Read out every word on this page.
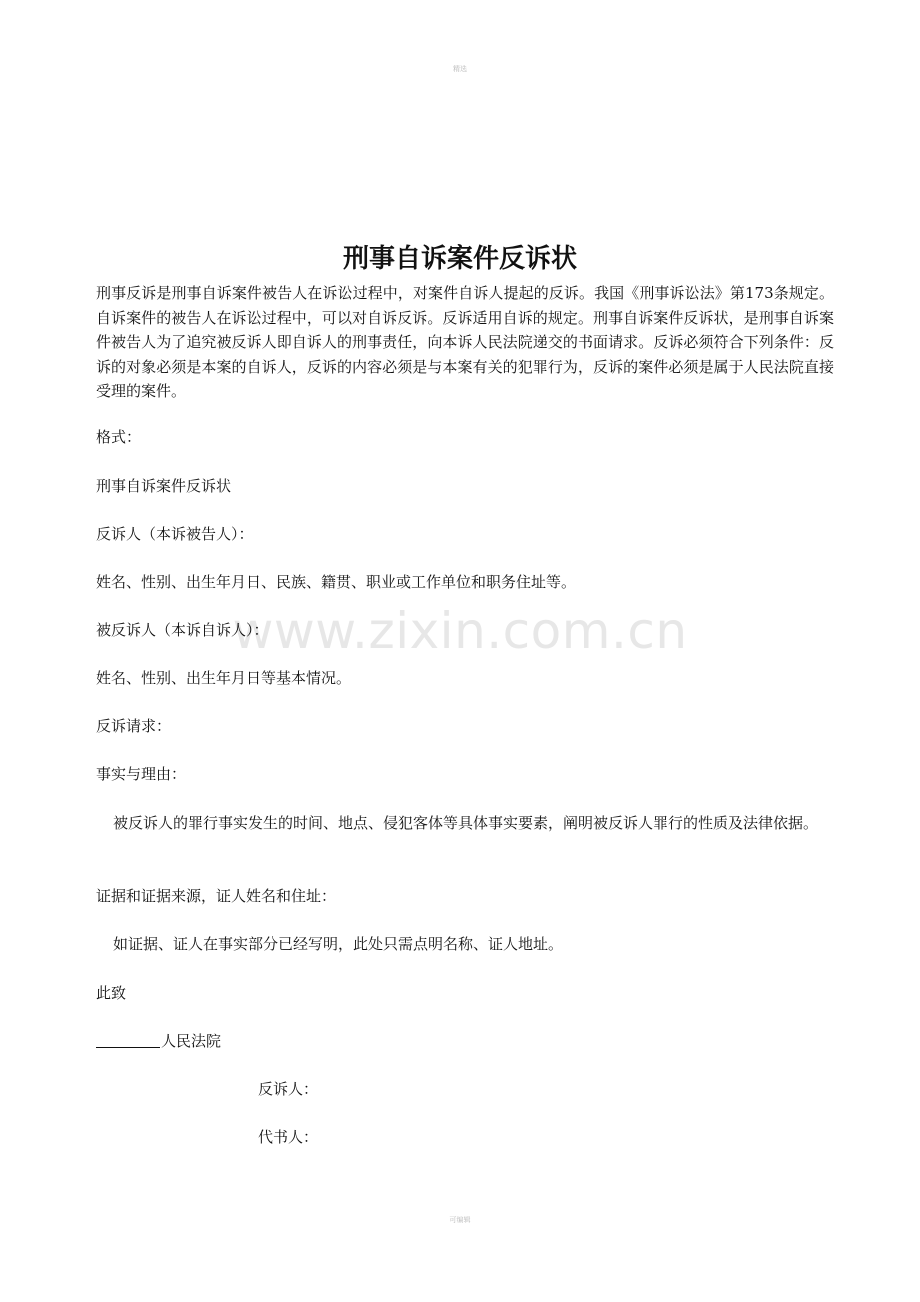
精选
www.zixin.com.cn
刑事自诉案件反诉状
刑事反诉是刑事自诉案件被告人在诉讼过程中，对案件自诉人提起的反诉。我国《刑事诉讼法》第173条规定。自诉案件的被告人在诉讼过程中，可以对自诉反诉。反诉适用自诉的规定。刑事自诉案件反诉状，是刑事自诉案件被告人为了追究被反诉人即自诉人的刑事责任，向本诉人民法院递交的书面请求。反诉必须符合下列条件：反诉的对象必须是本案的自诉人，反诉的内容必须是与本案有关的犯罪行为，反诉的案件必须是属于人民法院直接受理的案件。
格式：
刑事自诉案件反诉状
反诉人（本诉被告人）：
姓名、性别、出生年月日、民族、籍贯、职业或工作单位和职务住址等。
被反诉人（本诉自诉人）：
姓名、性别、出生年月日等基本情况。
反诉请求：
事实与理由：
被反诉人的罪行事实发生的时间、地点、侵犯客体等具体事实要素，阐明被反诉人罪行的性质及法律依据。
证据和证据来源，证人姓名和住址：
如证据、证人在事实部分已经写明，此处只需点明名称、证人地址。
此致
人民法院
反诉人：
代书人：
可编辑
